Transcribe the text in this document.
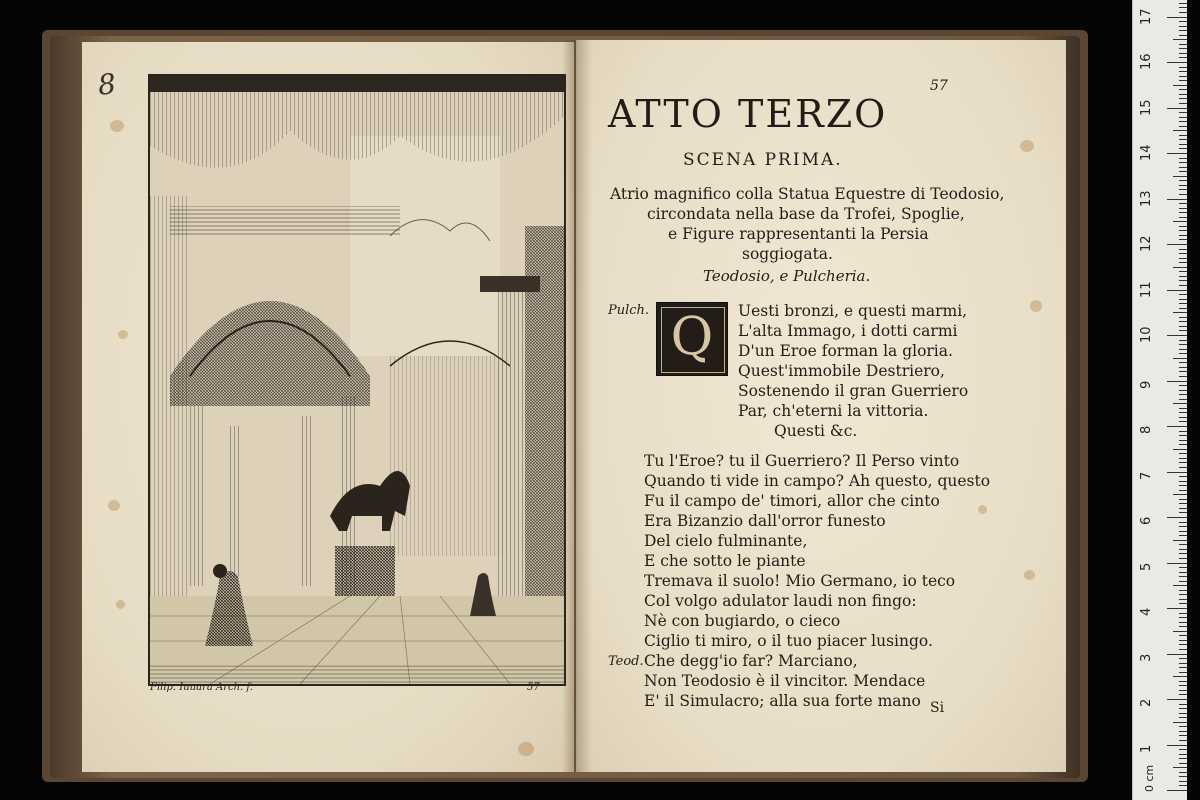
8
Filip. Iuuara Arch. f.	57
57
ATTO TERZO
SCENA PRIMA.
Atrio magnifico colla Statua Equestre di Teodosio,
circondata nella base da Trofei, Spoglie,
e Figure rappresentanti la Persia
soggiogata.
Teodosio, e Pulcheria.
Pulch. Q	Uesti bronzi, e questi marmi,
L'alta Immago, i dotti carmi
D'un Eroe forman la gloria.
Quest'immobile Destriero,
Sostenendo il gran Guerriero
Par, ch'eterni la vittoria.
Questi &c.
Tu l'Eroe? tu il Guerriero? Il Perso vinto
Quando ti vide in campo? Ah questo, questo
Fu il campo de' timori, allor che cinto
Era Bizanzio dall'orror funesto
Del cielo fulminante,
E che sotto le piante
Tremava il suolo! Mio Germano, io teco
Col volgo adulator laudi non fingo:
Nè con bugiardo, o cieco
Ciglio ti miro, o il tuo piacer lusingo.
Teod. Che degg'io far? Marciano,
Non Teodosio è il vincitor. Mendace
E' il Simulacro; alla sua forte mano Si
0 cm
1
2
3
4
5
6
7
8
9
10
11
12
13
14
15
16
17
